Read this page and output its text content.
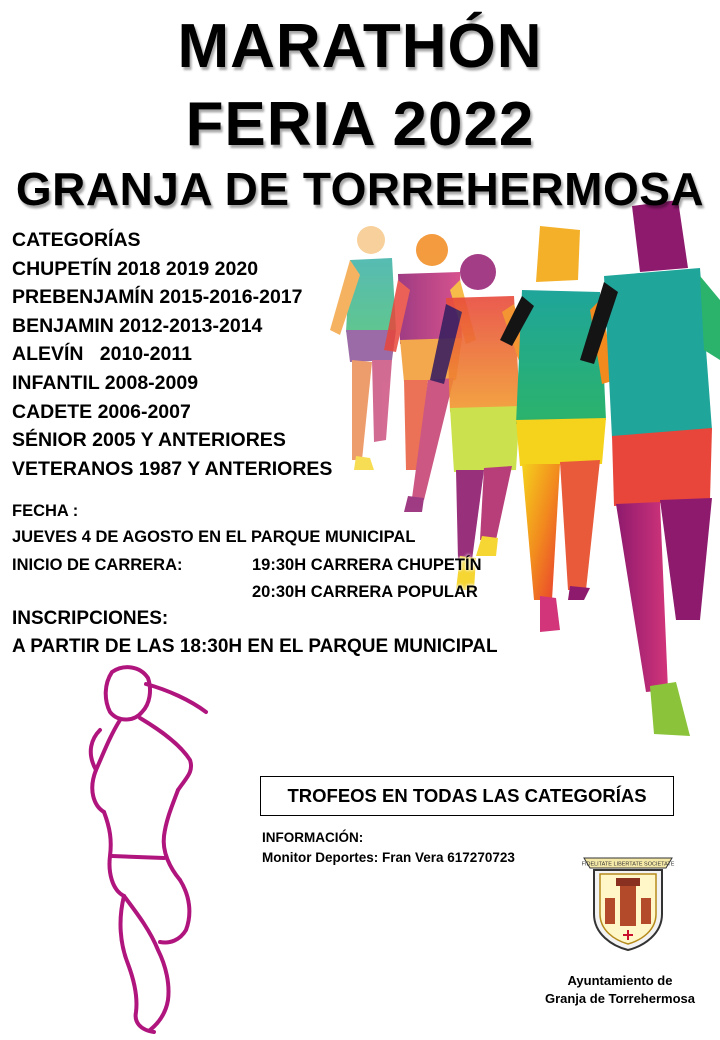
MARATHÓN
FERIA 2022
GRANJA DE TORREHERMOSA
CATEGORÍAS
CHUPETÍN 2018 2019 2020
PREBENJAMÍN 2015-2016-2017
BENJAMIN 2012-2013-2014
ALEVÍN   2010-2011
INFANTIL 2008-2009
CADETE 2006-2007
SÉNIOR 2005 Y ANTERIORES
VETERANOS 1987 Y ANTERIORES
FECHA :
JUEVES 4 DE AGOSTO EN EL PARQUE MUNICIPAL
INICIO DE CARRERA:	19:30H CARRERA CHUPETÍN
20:30H CARRERA POPULAR
INSCRIPCIONES:
A PARTIR DE LAS 18:30H EN EL PARQUE MUNICIPAL
TROFEOS EN TODAS LAS CATEGORÍAS
INFORMACIÓN:
Monitor Deportes: Fran Vera 617270723	FIDELITATE LIBERTATE SOCIETATE
Ayuntamiento de
Granja de Torrehermosa
